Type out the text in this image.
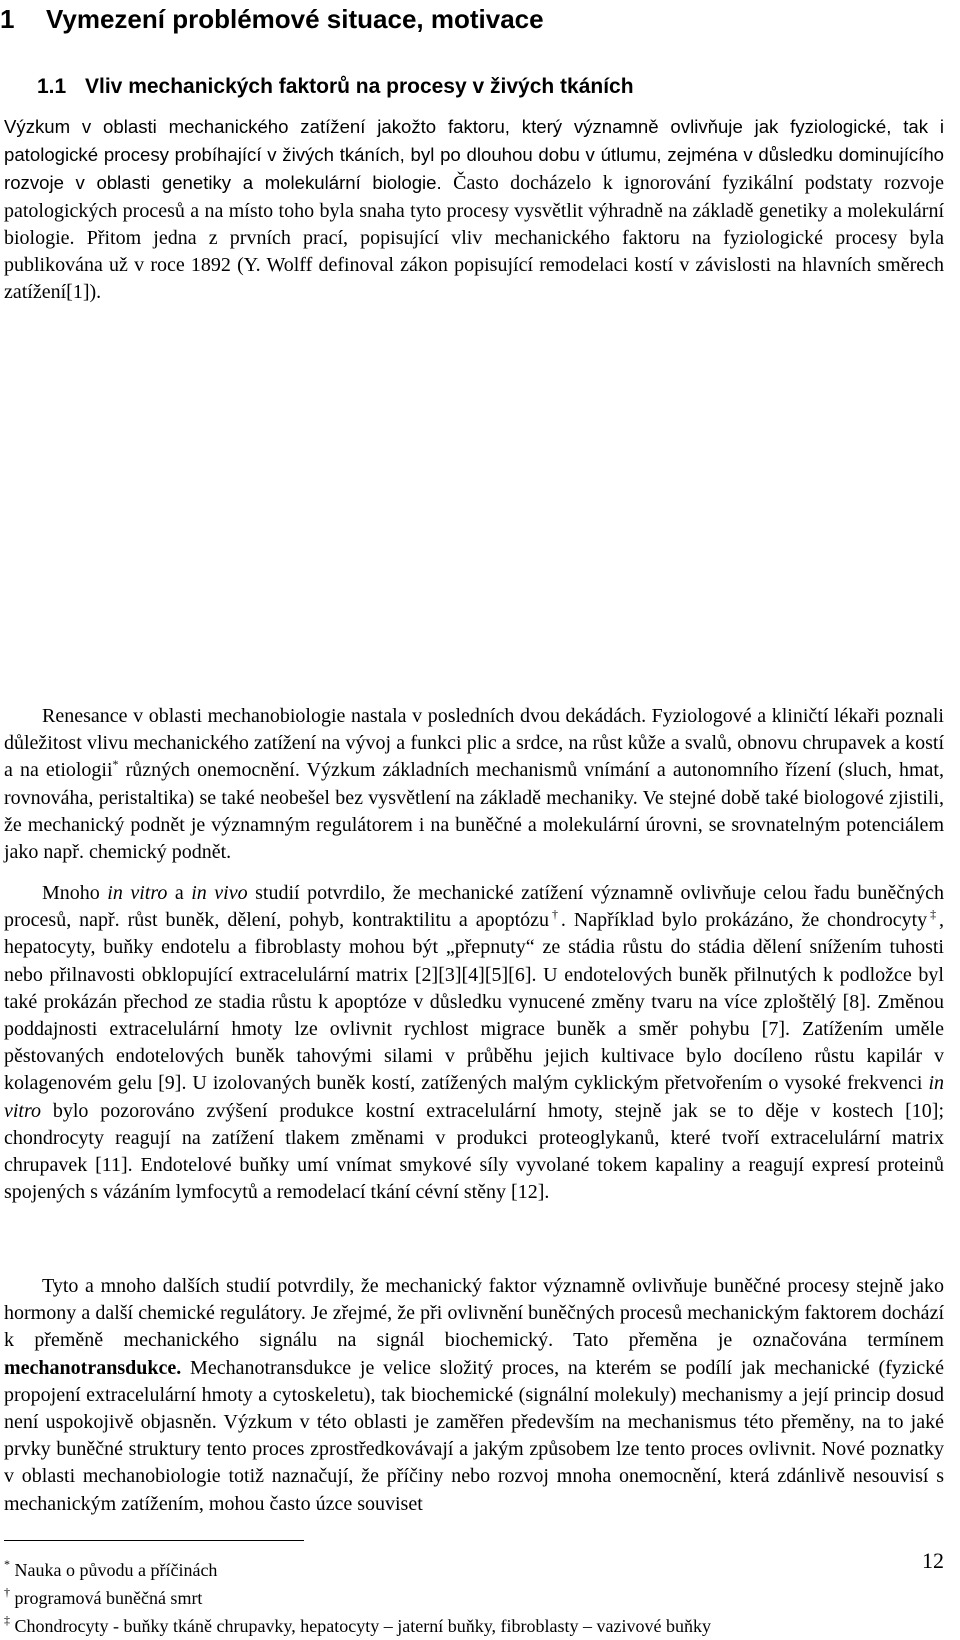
1 Vymezení problémové situace, motivace
1.1 Vliv mechanických faktorů na procesy v živých tkáních

Výzkum v oblasti mechanického zatížení jakožto faktoru, který významně ovlivňuje jak fyziologické, tak i patologické procesy probíhající v živých tkáních, byl po dlouhou dobu v útlumu, zejména v důsledku dominujícího rozvoje v oblasti genetiky a molekulární biologie. Často docházelo k ignorování fyzikální podstaty rozvoje patologických procesů a na místo toho byla snaha tyto procesy vysvětlit výhradně na základě genetiky a molekulární biologie. Přitom jedna z prvních prací, popisující vliv mechanického faktoru na fyziologické procesy byla publikována už v roce 1892 (Y. Wolff definoval zákon popisující remodelaci kostí v závislosti na hlavních směrech zatížení[1]).

Renesance v oblasti mechanobiologie nastala v posledních dvou dekádách. Fyziologové a kliničtí lékaři poznali důležitost vlivu mechanického zatížení na vývoj a funkci plic a srdce, na růst kůže a svalů, obnovu chrupavek a kostí a na etiologii* různých onemocnění. Výzkum základních mechanismů vnímání a autonomního řízení (sluch, hmat, rovnováha, peristaltika) se také neobešel bez vysvětlení na základě mechaniky. Ve stejné době také biologové zjistili, že mechanický podnět je významným regulátorem i na buněčné a molekulární úrovni, se srovnatelným potenciálem jako např. chemický podnět.

Mnoho in vitro a in vivo studií potvrdilo, že mechanické zatížení významně ovlivňuje celou řadu buněčných procesů, např. růst buněk, dělení, pohyb, kontraktilitu a apoptózu†. Například bylo prokázáno, že chondrocyty‡, hepatocyty, buňky endotelu a fibroblasty mohou být „přepnuty“ ze stádia růstu do stádia dělení snížením tuhosti nebo přilnavosti obklopující extracelulární matrix [2][3][4][5][6]. U endotelových buněk přilnutých k podložce byl také prokázán přechod ze stadia růstu k apoptóze v důsledku vynucené změny tvaru na více zploštělý [8]. Změnou poddajnosti extracelulární hmoty lze ovlivnit rychlost migrace buněk a směr pohybu [7]. Zatížením uměle pěstovaných endotelových buněk tahovými silami v průběhu jejich kultivace bylo docíleno růstu kapilár v kolagenovém gelu [9]. U izolovaných buněk kostí, zatížených malým cyklickým přetvořením o vysoké frekvenci in vitro bylo pozorováno zvýšení produkce kostní extracelulární hmoty, stejně jak se to děje v kostech [10]; chondrocyty reagují na zatížení tlakem změnami v produkci proteoglykanů, které tvoří extracelulární matrix chrupavek [11]. Endotelové buňky umí vnímat smykové síly vyvolané tokem kapaliny a reagují expresí proteinů spojených s vázáním lymfocytů a remodelací tkání cévní stěny [12].

Tyto a mnoho dalších studií potvrdily, že mechanický faktor významně ovlivňuje buněčné procesy stejně jako hormony a další chemické regulátory. Je zřejmé, že při ovlivnění buněčných procesů mechanickým faktorem dochází k přeměně mechanického signálu na signál biochemický. Tato přeměna je označována termínem mechanotransdukce. Mechanotransdukce je velice složitý proces, na kterém se podílí jak mechanické (fyzické propojení extracelulární hmoty a cytoskeletu), tak biochemické (signální molekuly) mechanismy a její princip dosud není uspokojivě objasněn. Výzkum v této oblasti je zaměřen především na mechanismus této přeměny, na to jaké prvky buněčné struktury tento proces zprostředkovávají a jakým způsobem lze tento proces ovlivnit. Nové poznatky v oblasti mechanobiologie totiž naznačují, že příčiny nebo rozvoj mnoha onemocnění, která zdánlivě nesouvisí s mechanickým zatížením, mohou často úzce souviset

* Nauka o původu a příčinách

† programová buněčná smrt

‡ Chondrocyty - buňky tkáně chrupavky, hepatocyty – jaterní buňky, fibroblasty – vazivové buňky

12
